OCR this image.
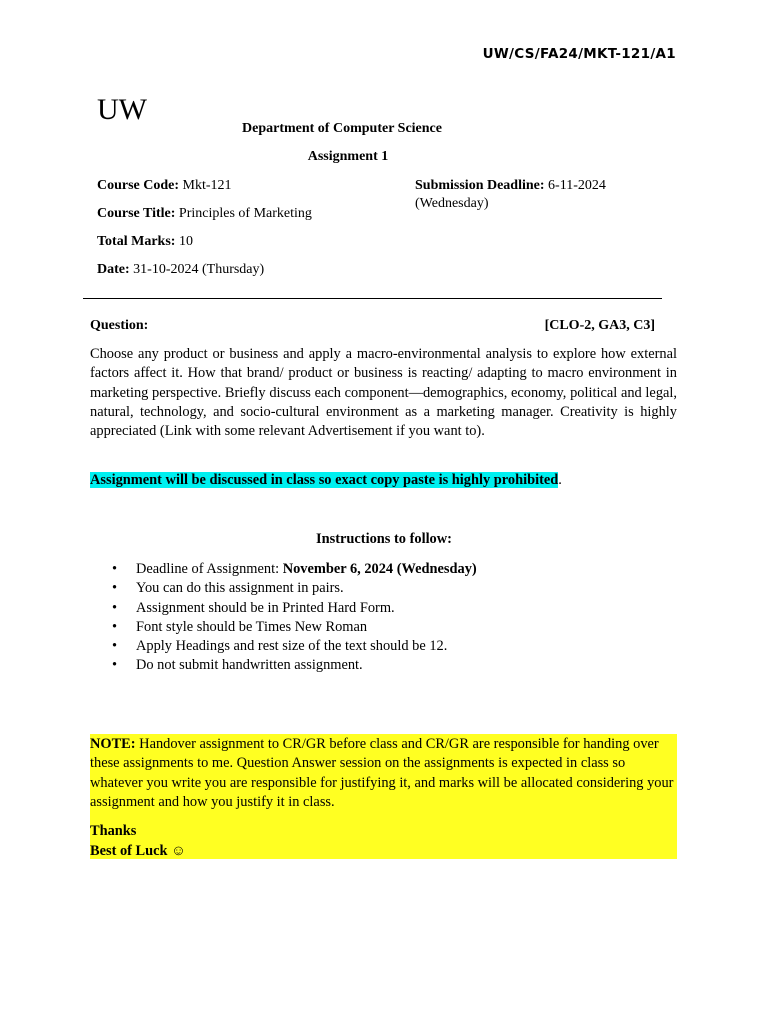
UW/CS/FA24/MKT-121/A1
UW
Department of Computer Science
Assignment 1
Course Code: Mkt-121
Course Title: Principles of Marketing
Total Marks: 10
Date: 31-10-2024 (Thursday)
Submission Deadline: 6-11-2024
(Wednesday)
Question:	[CLO-2, GA3, C3]
Choose any product or business and apply a macro-environmental analysis to explore how external factors affect it. How that brand/ product or business is reacting/ adapting to macro environment in marketing perspective. Briefly discuss each component—demographics, economy, political and legal, natural, technology, and socio-cultural environment as a marketing manager. Creativity is highly appreciated (Link with some relevant Advertisement if you want to).
Assignment will be discussed in class so exact copy paste is highly prohibited.
Instructions to follow:
• Deadline of Assignment: November 6, 2024 (Wednesday)
• You can do this assignment in pairs.
• Assignment should be in Printed Hard Form.
• Font style should be Times New Roman
• Apply Headings and rest size of the text should be 12.
• Do not submit handwritten assignment.
NOTE: Handover assignment to CR/GR before class and CR/GR are responsible for handing over these assignments to me. Question Answer session on the assignments is expected in class so whatever you write you are responsible for justifying it, and marks will be allocated considering your assignment and how you justify it in class.
Thanks
Best of Luck ☺
